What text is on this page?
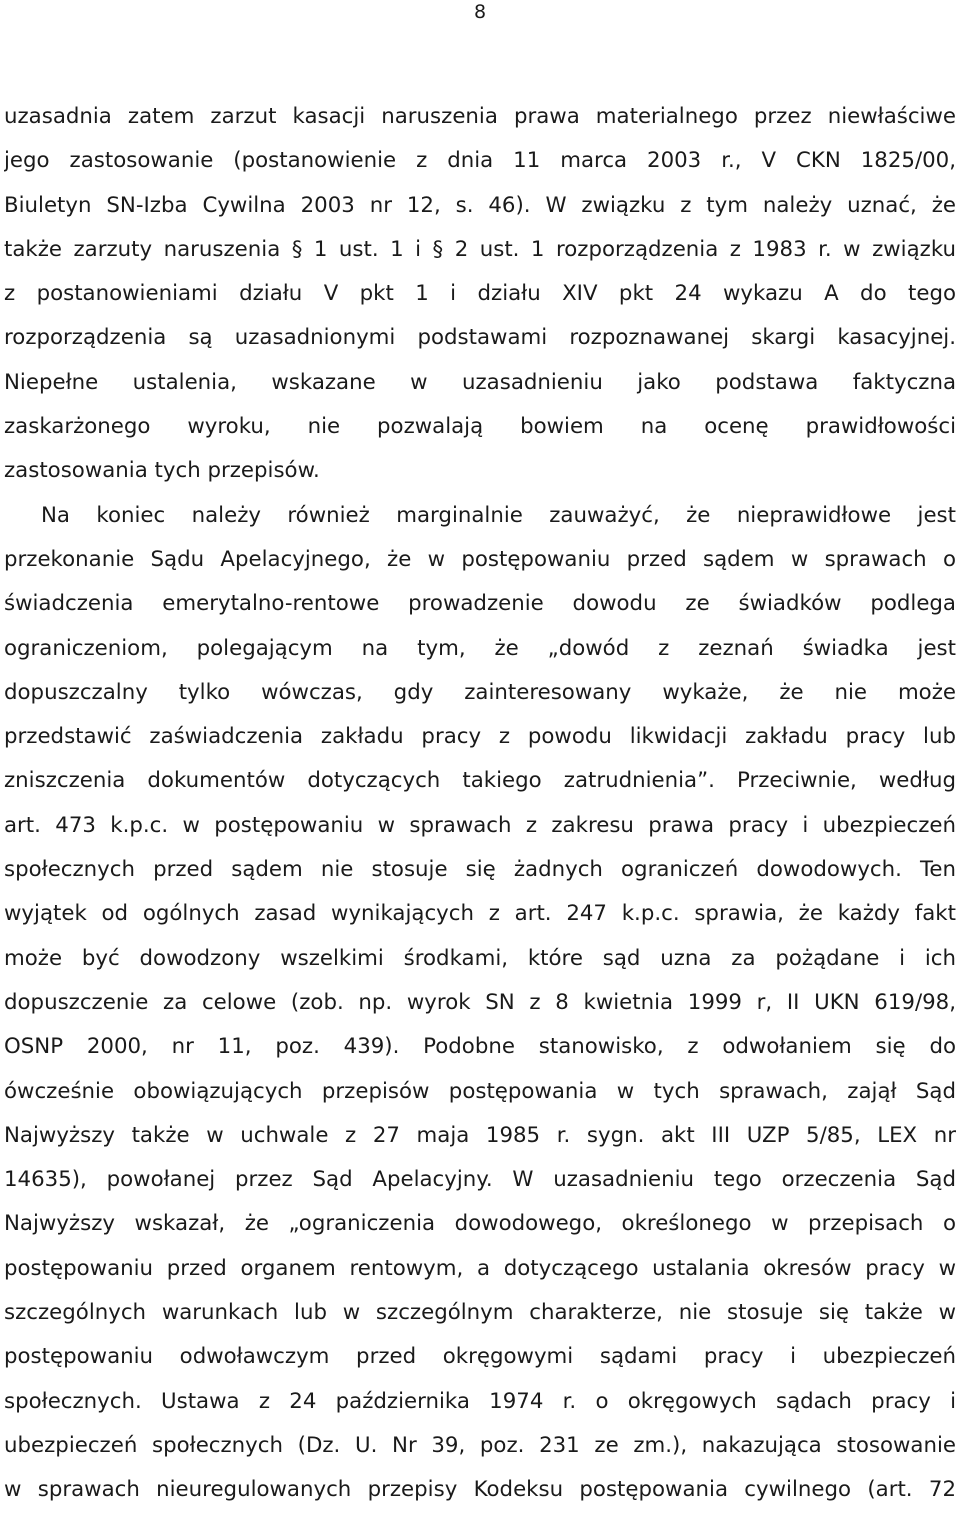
8
uzasadnia zatem zarzut kasacji naruszenia prawa materialnego przez niewłaściwe
jego zastosowanie (postanowienie z dnia 11 marca 2003 r., V CKN 1825/00,
Biuletyn SN-Izba Cywilna 2003 nr 12, s. 46). W związku z tym należy uznać, że
także zarzuty naruszenia § 1 ust. 1 i § 2 ust. 1 rozporządzenia z 1983 r. w związku
z postanowieniami działu V pkt 1 i działu XIV pkt 24 wykazu A do tego
rozporządzenia są uzasadnionymi podstawami rozpoznawanej skargi kasacyjnej.
Niepełne ustalenia, wskazane w uzasadnieniu jako podstawa faktyczna
zaskarżonego wyroku, nie pozwalają bowiem na ocenę prawidłowości
zastosowania tych przepisów.
Na koniec należy również marginalnie zauważyć, że nieprawidłowe jest
przekonanie Sądu Apelacyjnego, że w postępowaniu przed sądem w sprawach o
świadczenia emerytalno-rentowe prowadzenie dowodu ze świadków podlega
ograniczeniom, polegającym na tym, że „dowód z zeznań świadka jest
dopuszczalny tylko wówczas, gdy zainteresowany wykaże, że nie może
przedstawić zaświadczenia zakładu pracy z powodu likwidacji zakładu pracy lub
zniszczenia dokumentów dotyczących takiego zatrudnienia”. Przeciwnie, według
art. 473 k.p.c. w postępowaniu w sprawach z zakresu prawa pracy i ubezpieczeń
społecznych przed sądem nie stosuje się żadnych ograniczeń dowodowych. Ten
wyjątek od ogólnych zasad wynikających z art. 247 k.p.c. sprawia, że każdy fakt
może być dowodzony wszelkimi środkami, które sąd uzna za pożądane i ich
dopuszczenie za celowe (zob. np. wyrok SN z 8 kwietnia 1999 r, II UKN 619/98,
OSNP 2000, nr 11, poz. 439). Podobne stanowisko, z odwołaniem się do
ówcześnie obowiązujących przepisów postępowania w tych sprawach, zajął Sąd
Najwyższy także w uchwale z 27 maja 1985 r. sygn. akt III UZP 5/85, LEX nr
14635), powołanej przez Sąd Apelacyjny. W uzasadnieniu tego orzeczenia Sąd
Najwyższy wskazał, że „ograniczenia dowodowego, określonego w przepisach o
postępowaniu przed organem rentowym, a dotyczącego ustalania okresów pracy w
szczególnych warunkach lub w szczególnym charakterze, nie stosuje się także w
postępowaniu odwoławczym przed okręgowymi sądami pracy i ubezpieczeń
społecznych. Ustawa z 24 października 1974 r. o okręgowych sądach pracy i
ubezpieczeń społecznych (Dz. U. Nr 39, poz. 231 ze zm.), nakazująca stosowanie
w sprawach nieuregulowanych przepisy Kodeksu postępowania cywilnego (art. 72
